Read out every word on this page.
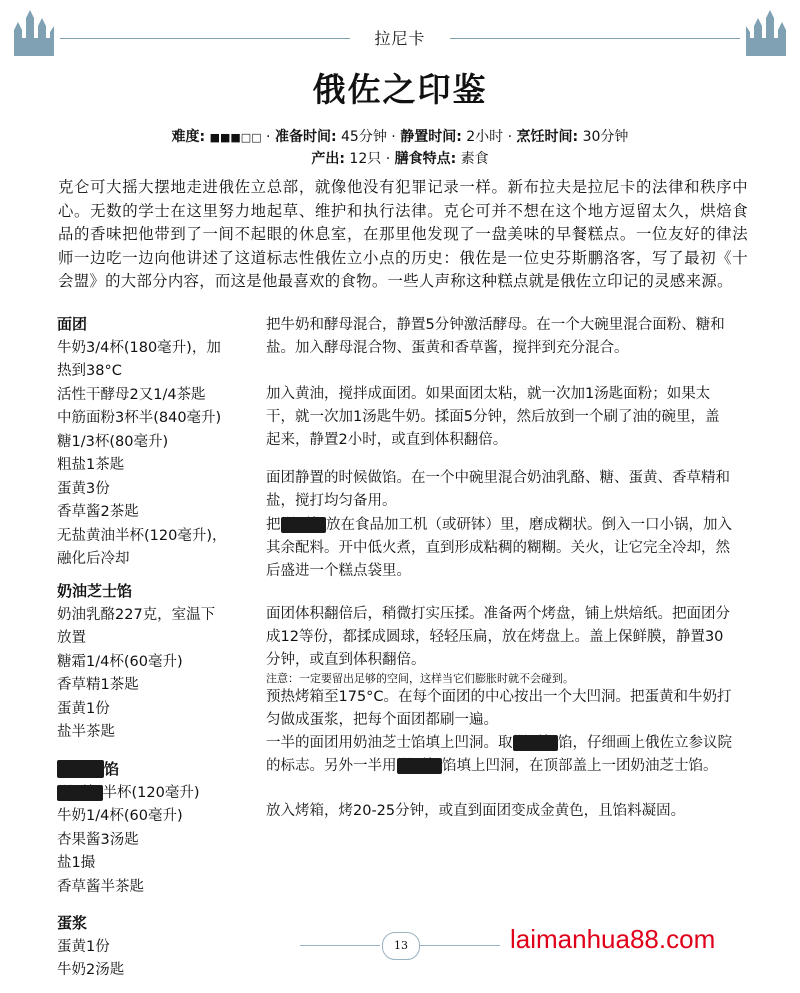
拉尼卡
俄佐之印鉴
难度: ■■■□□ · 准备时间: 45分钟 · 静置时间: 2小时 · 烹饪时间: 30分钟
产出: 12只 · 膳食特点: 素食
克仑可大摇大摆地走进俄佐立总部，就像他没有犯罪记录一样。新布拉夫是拉尼卡的法律和秩序中心。无数的学士在这里努力地起草、维护和执行法律。克仑可并不想在这个地方逗留太久，烘焙食品的香味把他带到了一间不起眼的休息室，在那里他发现了一盘美味的早餐糕点。一位友好的律法师一边吃一边向他讲述了这道标志性俄佐立小点的历史：俄佐是一位史芬斯鹏洛客，写了最初《十会盟》的大部分内容，而这是他最喜欢的食物。一些人声称这种糕点就是俄佐立印记的灵感来源。
面团
牛奶3/4杯(180毫升)，加
热到38°C
活性干酵母2又1/4茶匙
中筋面粉3杯半(840毫升)
糖1/3杯(80毫升)
粗盐1茶匙
蛋黄3份
香草酱2茶匙
无盐黄油半杯(120毫升)，
融化后冷却
奶油芝士馅
奶油乳酪227克，室温下
放置
糖霜1/4杯(60毫升)
香草精1茶匙
蛋黄1份
盐半茶匙
罂粟籽馅
罂粟籽半杯(120毫升)
牛奶1/4杯(60毫升)
杏果酱3汤匙
盐1撮
香草酱半茶匙
蛋浆
蛋黄1份
牛奶2汤匙

把牛奶和酵母混合，静置5分钟激活酵母。在一个大碗里混合面粉、糖和盐。加入酵母混合物、蛋黄和香草酱，搅拌到充分混合。

加入黄油，搅拌成面团。如果面团太粘，就一次加1汤匙面粉；如果太干，就一次加1汤匙牛奶。揉面5分钟，然后放到一个刷了油的碗里，盖起来，静置2小时，或直到体积翻倍。

面团静置的时候做馅。在一个中碗里混合奶油乳酪、糖、蛋黄、香草精和盐，搅打均匀备用。

把罂粟籽放在食品加工机（或研钵）里，磨成糊状。倒入一口小锅，加入其余配料。开中低火煮，直到形成粘稠的糊糊。关火，让它完全冷却，然后盛进一个糕点袋里。

面团体积翻倍后，稍微打实压揉。准备两个烤盘，铺上烘焙纸。把面团分成12等份，都揉成圆球，轻轻压扁，放在烤盘上。盖上保鲜膜，静置30分钟，或直到体积翻倍。

注意：一定要留出足够的空间，这样当它们膨胀时就不会碰到。

预热烤箱至175°C。在每个面团的中心按出一个大凹洞。把蛋黄和牛奶打匀做成蛋浆，把每个面团都刷一遍。

一半的面团用奶油芝士馅填上凹洞。取罂粟籽馅，仔细画上俄佐立参议院的标志。另外一半用罂粟籽馅填上凹洞，在顶部盖上一团奶油芝士馅。

放入烤箱，烤20-25分钟，或直到面团变成金黄色，且馅料凝固。

13	laimanhua88.com
